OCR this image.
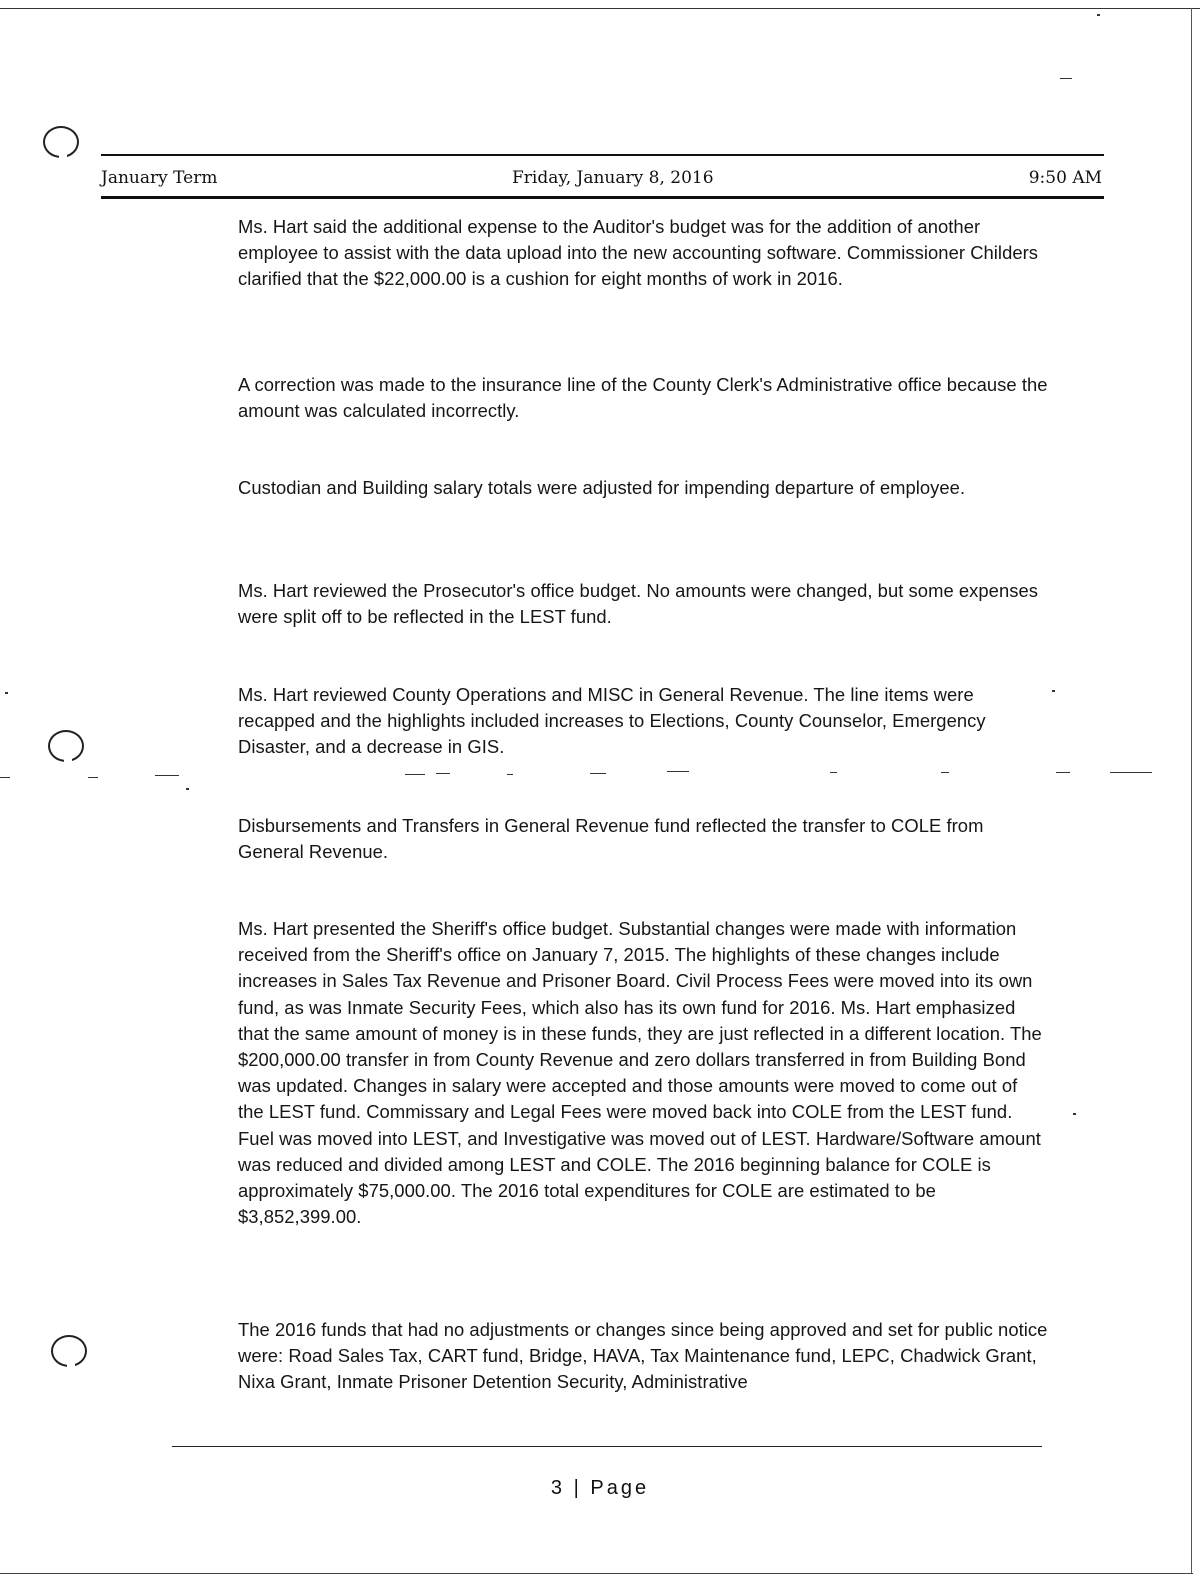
January Term	Friday, January 8, 2016	9:50 AM

Ms. Hart said the additional expense to the Auditor's budget was for the addition of another employee to assist with the data upload into the new accounting software. Commissioner Childers clarified that the $22,000.00 is a cushion for eight months of work in 2016.

A correction was made to the insurance line of the County Clerk's Administrative office because the amount was calculated incorrectly.

Custodian and Building salary totals were adjusted for impending departure of employee.

Ms. Hart reviewed the Prosecutor's office budget. No amounts were changed, but some expenses were split off to be reflected in the LEST fund.

Ms. Hart reviewed County Operations and MISC in General Revenue. The line items were recapped and the highlights included increases to Elections, County Counselor, Emergency Disaster, and a decrease in GIS.

Disbursements and Transfers in General Revenue fund reflected the transfer to COLE from General Revenue.

Ms. Hart presented the Sheriff's office budget. Substantial changes were made with information received from the Sheriff's office on January 7, 2015. The highlights of these changes include increases in Sales Tax Revenue and Prisoner Board. Civil Process Fees were moved into its own fund, as was Inmate Security Fees, which also has its own fund for 2016. Ms. Hart emphasized that the same amount of money is in these funds, they are just reflected in a different location. The $200,000.00 transfer in from County Revenue and zero dollars transferred in from Building Bond was updated. Changes in salary were accepted and those amounts were moved to come out of the LEST fund. Commissary and Legal Fees were moved back into COLE from the LEST fund. Fuel was moved into LEST, and Investigative was moved out of LEST. Hardware/Software amount was reduced and divided among LEST and COLE. The 2016 beginning balance for COLE is approximately $75,000.00. The 2016 total expenditures for COLE are estimated to be $3,852,399.00.

The 2016 funds that had no adjustments or changes since being approved and set for public notice were: Road Sales Tax, CART fund, Bridge, HAVA, Tax Maintenance fund, LEPC, Chadwick Grant, Nixa Grant, Inmate Prisoner Detention Security, Administrative

3 | Page
